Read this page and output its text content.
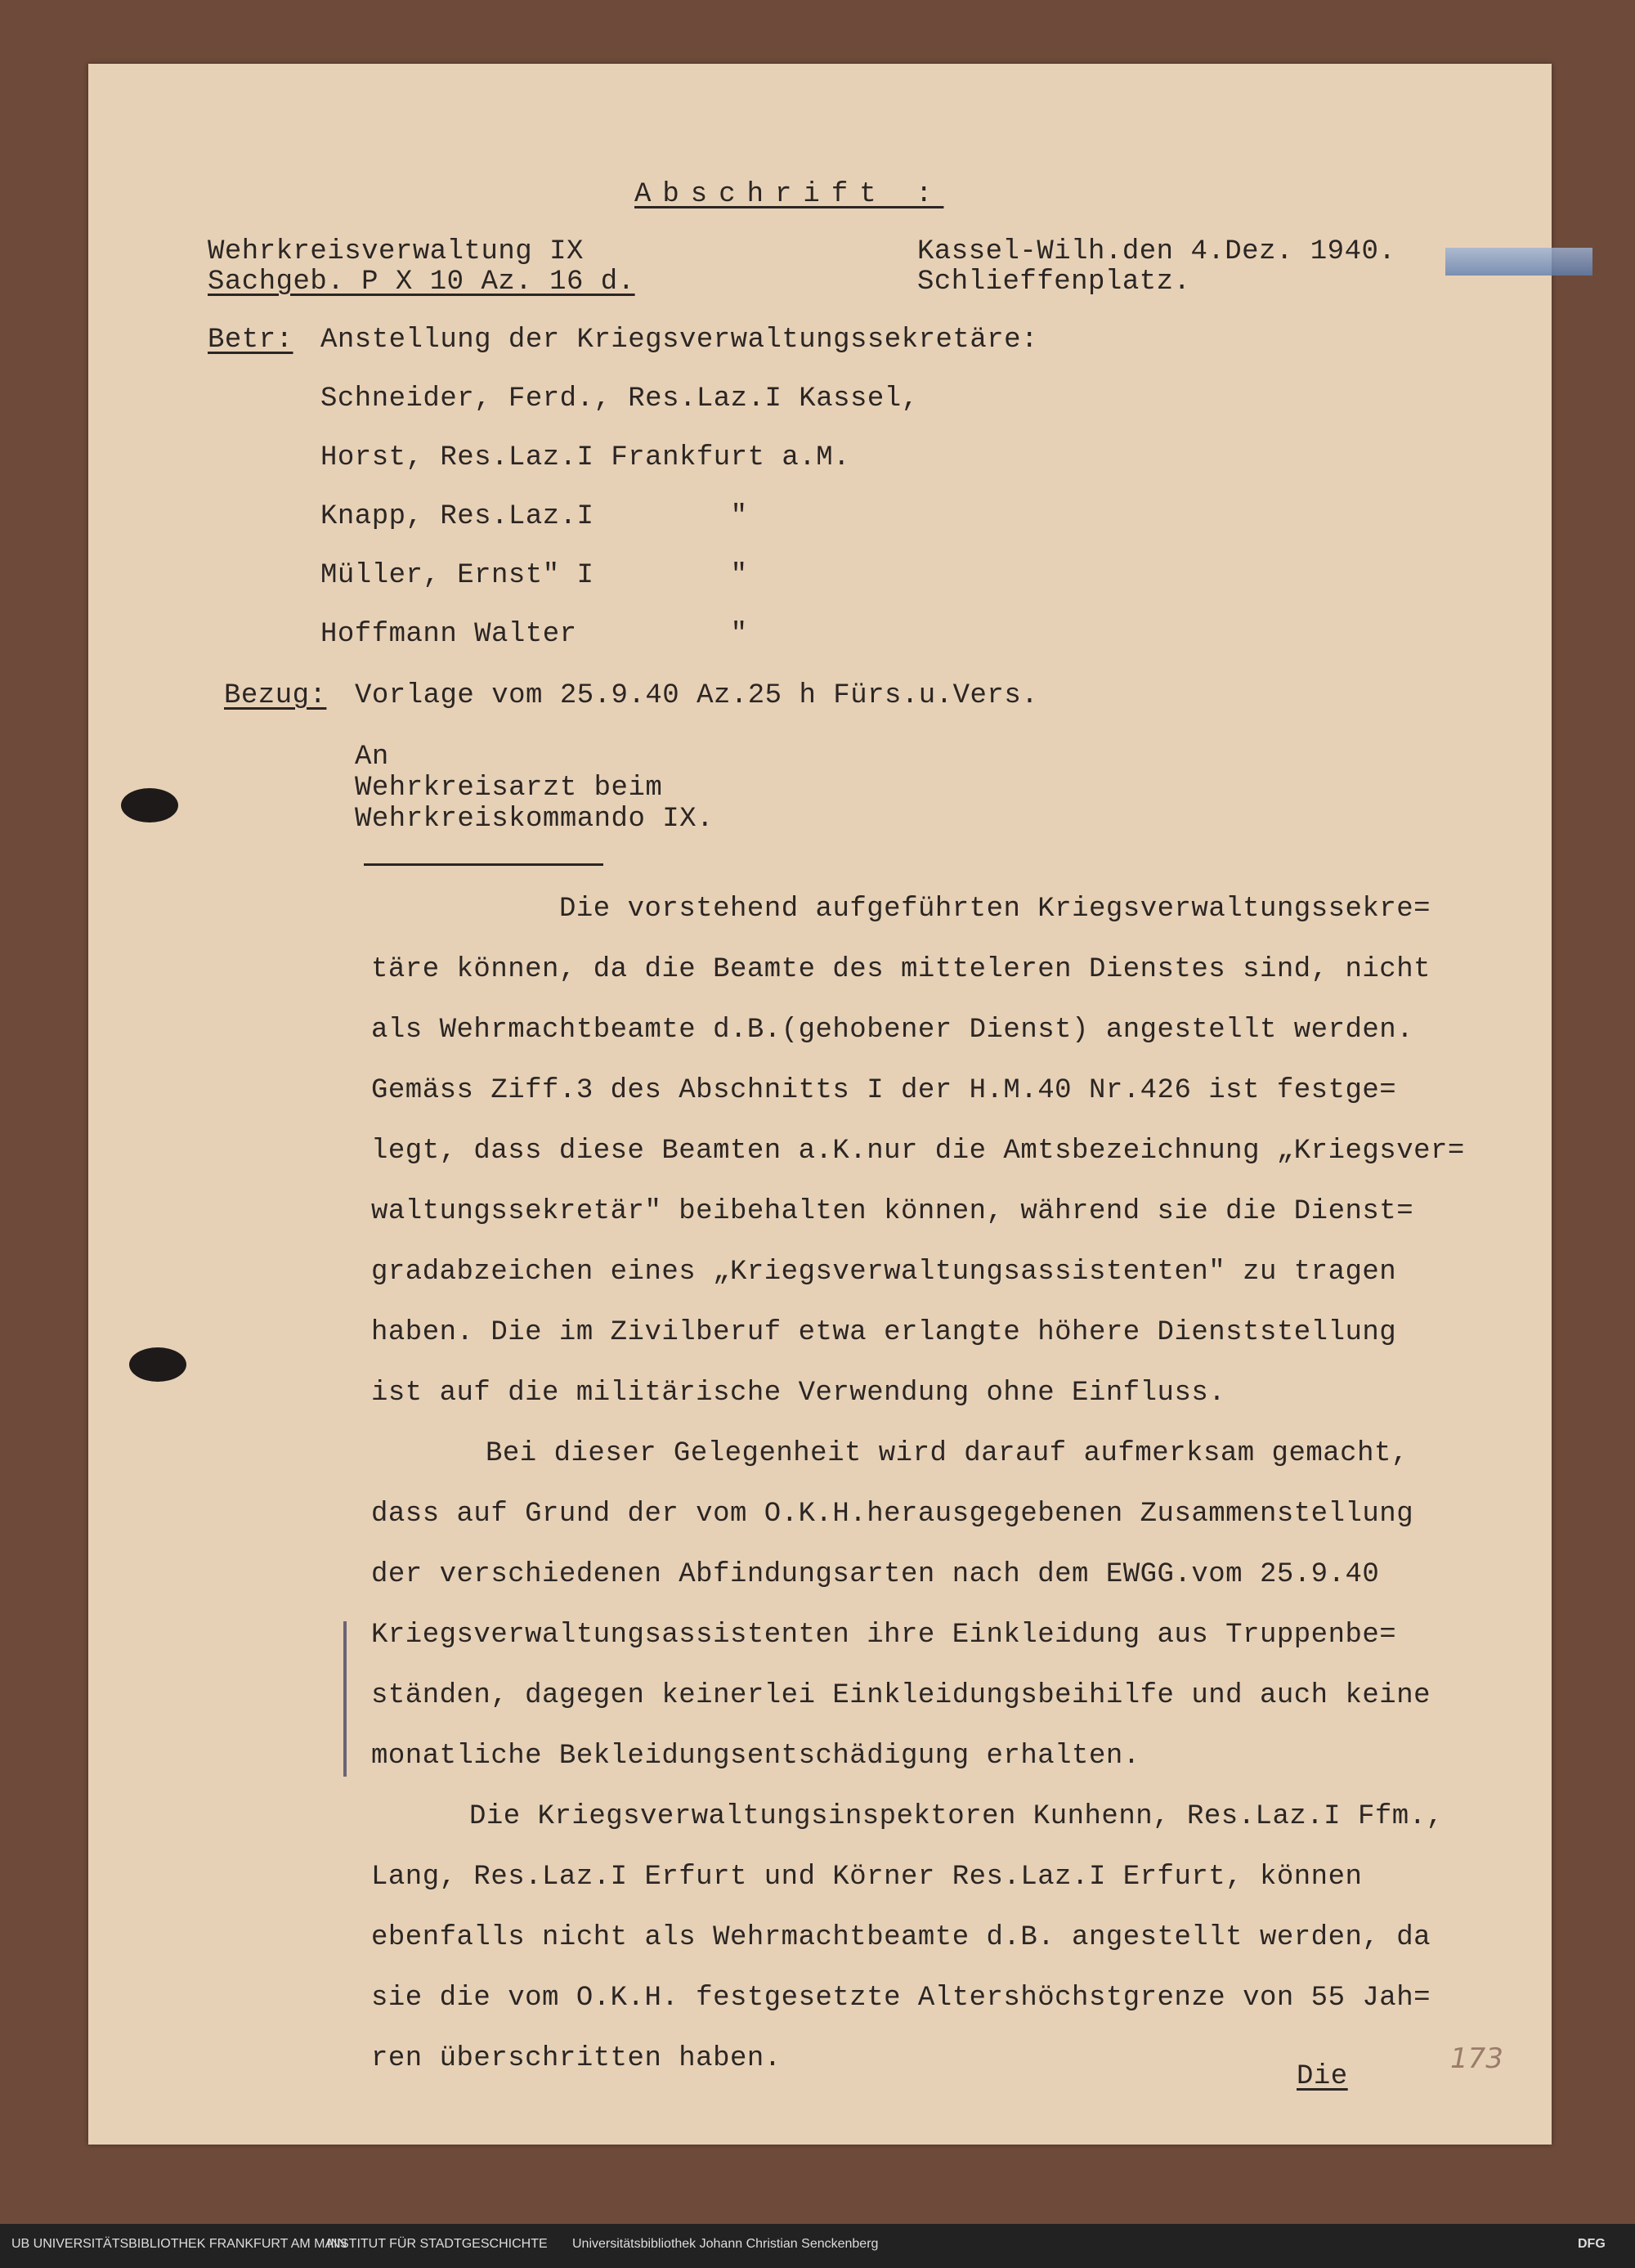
Abschrift :
Wehrkreisverwaltung IX
Sachgeb. P X 10 Az. 16 d.
Kassel-Wilh.den 4.Dez. 1940.
Schlieffenplatz.
Betr: Anstellung der Kriegsverwaltungssekretäre:
Schneider, Ferd., Res.Laz.I Kassel,
Horst, Res.Laz.I Frankfurt a.M.
Knapp, Res.Laz.I        "
Müller, Ernst" I        "
Hoffmann Walter         "
Bezug: Vorlage vom 25.9.40 Az.25 h Fürs.u.Vers.
An
Wehrkreisarzt beim
Wehrkreiskommando IX.
Die vorstehend aufgeführten Kriegsverwaltungssekre=
täre können, da die Beamte des mitteleren Dienstes sind, nicht
als Wehrmachtbeamte d.B.(gehobener Dienst) angestellt werden.
Gemäss Ziff.3 des Abschnitts I der H.M.40 Nr.426 ist festge=
legt, dass diese Beamten a.K.nur die Amtsbezeichnung „Kriegsver=
waltungssekretär" beibehalten können, während sie die Dienst=
gradabzeichen eines „Kriegsverwaltungsassistenten" zu tragen
haben. Die im Zivilberuf etwa erlangte höhere Dienststellung
ist auf die militärische Verwendung ohne Einfluss.
Bei dieser Gelegenheit wird darauf aufmerksam gemacht,
dass auf Grund der vom O.K.H.herausgegebenen Zusammenstellung
der verschiedenen Abfindungsarten nach dem EWGG.vom 25.9.40
Kriegsverwaltungsassistenten ihre Einkleidung aus Truppenbe=
ständen, dagegen keinerlei Einkleidungsbeihilfe und auch keine
monatliche Bekleidungsentschädigung erhalten.
Die Kriegsverwaltungsinspektoren Kunhenn, Res.Laz.I Ffm.,
Lang, Res.Laz.I Erfurt und Körner Res.Laz.I Erfurt, können
ebenfalls nicht als Wehrmachtbeamte d.B. angestellt werden, da
sie die vom O.K.H. festgesetzte Altershöchstgrenze von 55 Jah=
ren überschritten haben.
Die
173
UB UNIVERSITÄTSBIBLIOTHEK FRANKFURT AM MAIN
INSTITUT FÜR STADTGESCHICHTE Universitätsbibliothek Johann Christian Senckenberg	DFG
